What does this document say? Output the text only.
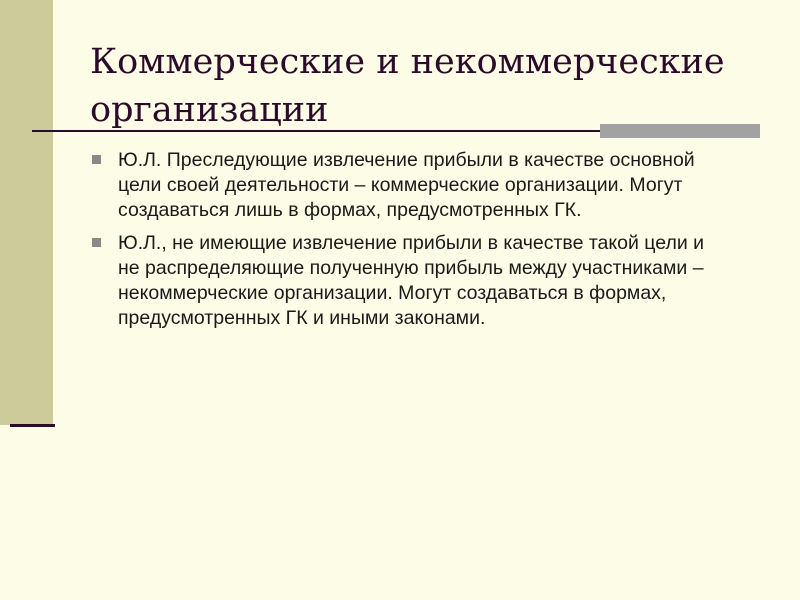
Коммерческие и некоммерческие организации
Ю.Л. Преследующие извлечение прибыли в качестве основной цели своей деятельности – коммерческие организации. Могут создаваться лишь в формах, предусмотренных ГК.
Ю.Л., не имеющие извлечение прибыли в качестве такой цели и не распределяющие полученную прибыль между участниками – некоммерческие организации. Могут создаваться в формах, предусмотренных ГК и иными законами.
